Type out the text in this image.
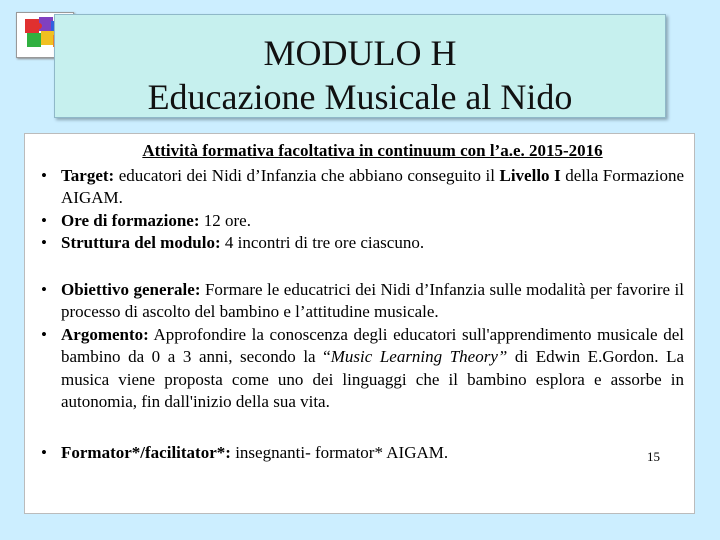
MODULO H
Educazione Musicale al Nido
Attività formativa facoltativa in continuum con l’a.e. 2015-2016
• Target: educatori dei Nidi d’Infanzia che abbiano conseguito il Livello I della Formazione AIGAM.
• Ore di formazione: 12 ore.
• Struttura del modulo: 4 incontri di tre ore ciascuno.
• Obiettivo generale: Formare le educatrici dei Nidi d’Infanzia sulle modalità per favorire il processo di ascolto del bambino e l’attitudine musicale.
• Argomento: Approfondire la conoscenza degli educatori sull'apprendimento musicale del bambino da 0 a 3 anni, secondo la “Music Learning Theory” di Edwin E.Gordon. La musica viene proposta come uno dei linguaggi che il bambino esplora e assorbe in autonomia, fin dall'inizio della sua vita.
• Formator*/facilitator*: insegnanti- formator* AIGAM.	15
